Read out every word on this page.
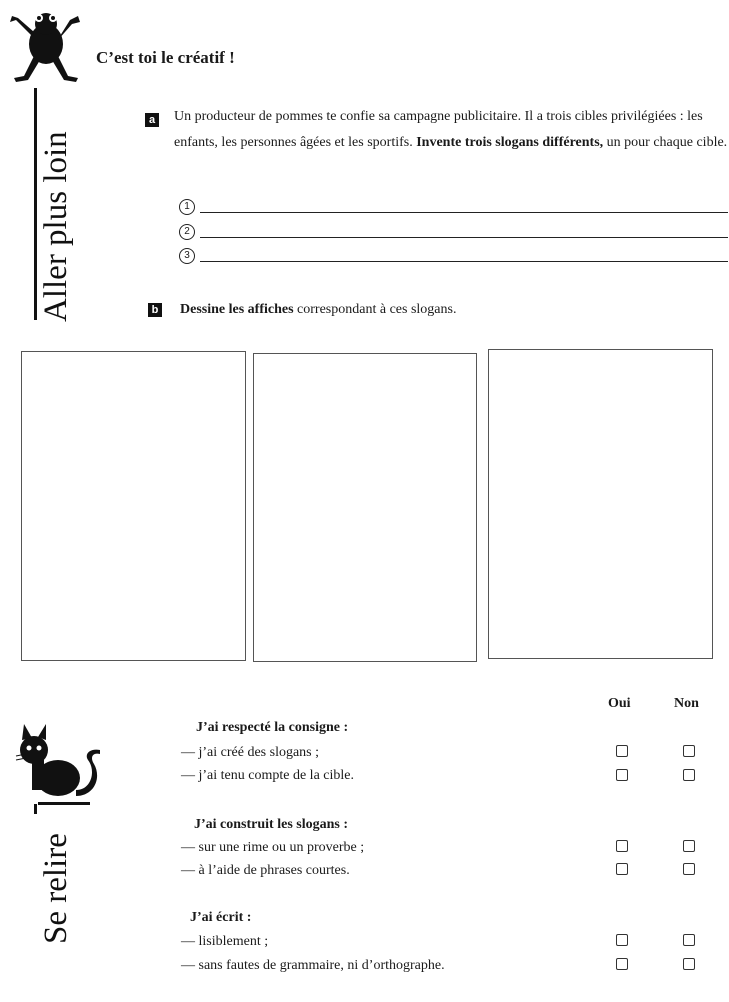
Aller plus loin
C’est toi le créatif !
a Un producteur de pommes te confie sa campagne publicitaire. Il a trois cibles privilégiées : les enfants, les personnes âgées et les sportifs. Invente trois slogans différents, un pour chaque cible.
1
2
3
b Dessine les affiches correspondant à ces slogans.
Se relire
Oui	Non
J’ai respecté la consigne :
— j’ai créé des slogans ;
— j’ai tenu compte de la cible.
J’ai construit les slogans :
— sur une rime ou un proverbe ;
— à l’aide de phrases courtes.
J’ai écrit :
— lisiblement ;
— sans fautes de grammaire, ni d’orthographe.
